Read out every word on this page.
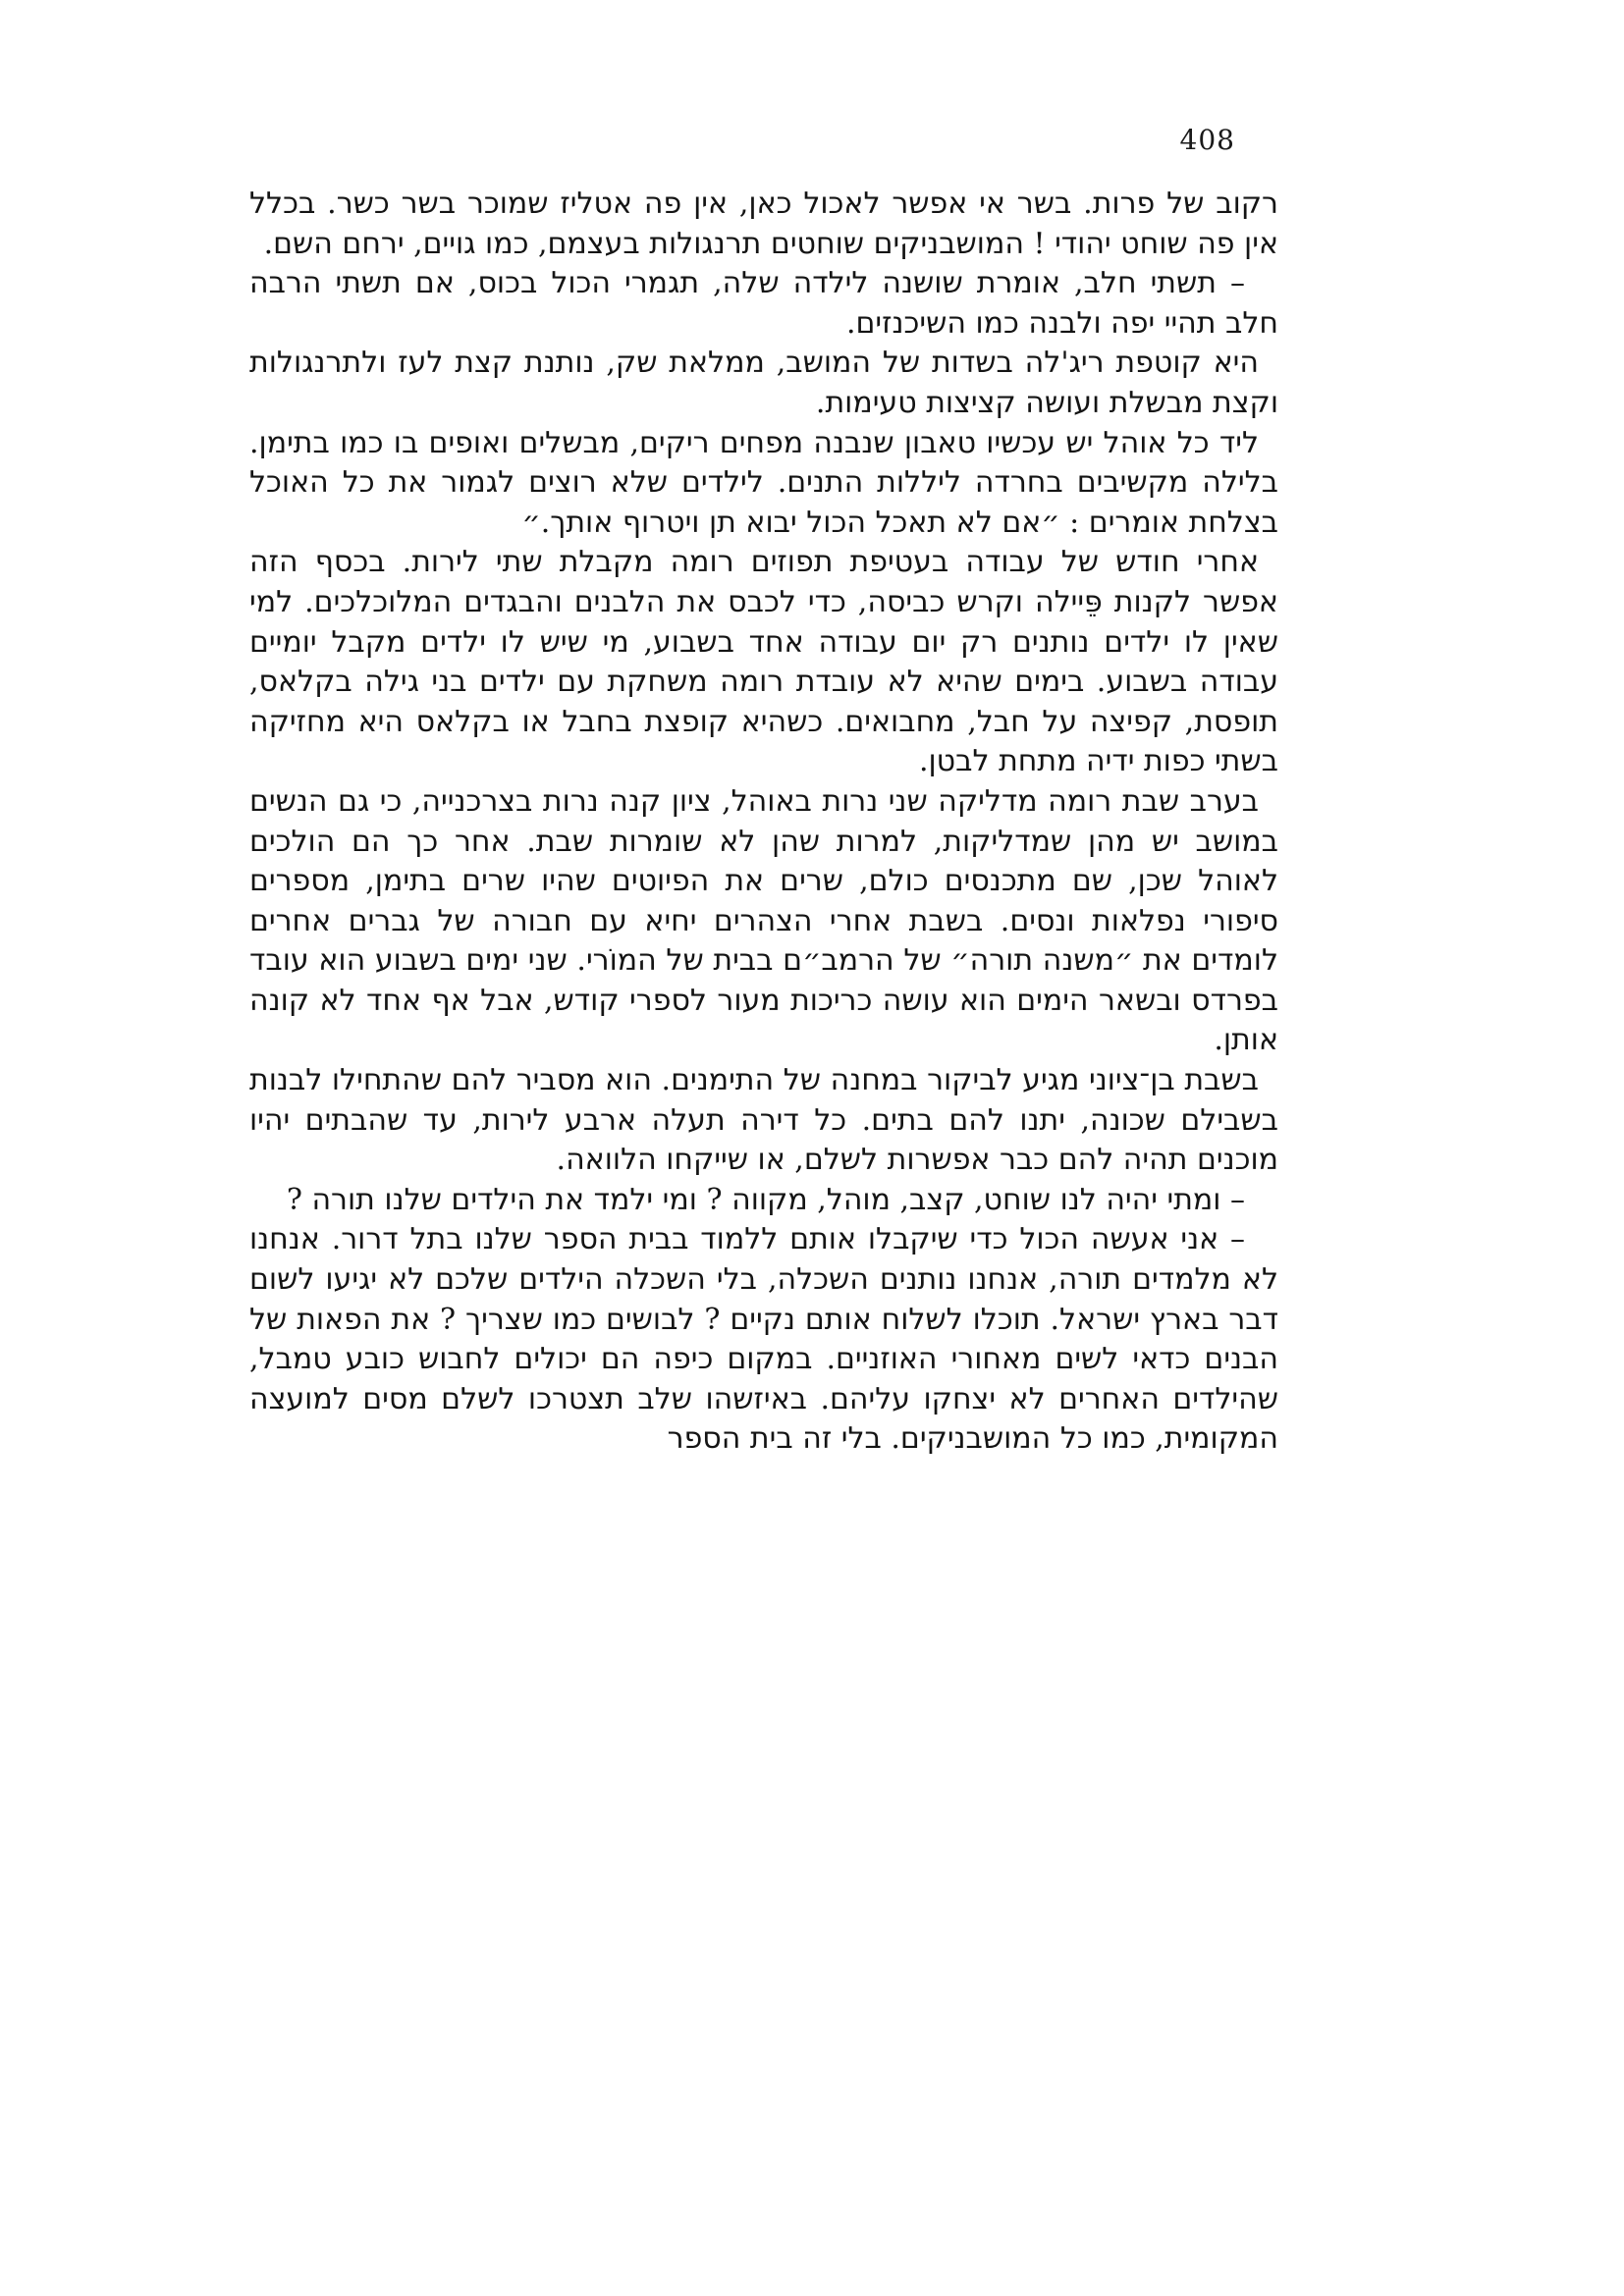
408

רקוב של פרות. בשר אי אפשר לאכול כאן, אין פה אטליז שמוכר בשר כשר. בכלל אין פה שוחט יהודי ! המושבניקים שוחטים תרנגולות בעצמם, כמו גויים, ירחם השם.

– תשתי חלב, אומרת שושנה לילדה שלה, תגמרי הכול בכוס, אם תשתי הרבה חלב תהיי יפה ולבנה כמו השיכנזים.

היא קוטפת ריג'לה בשדות של המושב, ממלאת שק, נותנת קצת לעז ולתרנגולות וקצת מבשלת ועושה קציצות טעימות.

ליד כל אוהל יש עכשיו טאבון שנבנה מפחים ריקים, מבשלים ואופים בו כמו בתימן. בלילה מקשיבים בחרדה ליללות התנים. לילדים שלא רוצים לגמור את כל האוכל בצלחת אומרים : ״אם לא תאכל הכול יבוא תן ויטרוף אותך.״

אחרי חודש של עבודה בעטיפת תפוזים רומה מקבלת שתי לירות. בכסף הזה אפשר לקנות פֵּיילה וקרש כביסה, כדי לכבס את הלבנים והבגדים המלוכלכים. למי שאין לו ילדים נותנים רק יום עבודה אחד בשבוע, מי שיש לו ילדים מקבל יומיים עבודה בשבוע. בימים שהיא לא עובדת רומה משחקת עם ילדים בני גילה בקלאס, תופסת, קפיצה על חבל, מחבואים. כשהיא קופצת בחבל או בקלאס היא מחזיקה בשתי כפות ידיה מתחת לבטן.

בערב שבת רומה מדליקה שני נרות באוהל, ציון קנה נרות בצרכנייה, כי גם הנשים במושב יש מהן שמדליקות, למרות שהן לא שומרות שבת. אחר כך הם הולכים לאוהל שכן, שם מתכנסים כולם, שרים את הפיוטים שהיו שרים בתימן, מספרים סיפורי נפלאות ונסים. בשבת אחרי הצהרים יחיא עם חבורה של גברים אחרים לומדים את ״משנה תורה״ של הרמב״ם בבית של המוֹרי. שני ימים בשבוע הוא עובד בפרדס ובשאר הימים הוא עושה כריכות מעור לספרי קודש, אבל אף אחד לא קונה אותן.

בשבת בן־ציוני מגיע לביקור במחנה של התימנים. הוא מסביר להם שהתחילו לבנות בשבילם שכונה, יתנו להם בתים. כל דירה תעלה ארבע לירות, עד שהבתים יהיו מוכנים תהיה להם כבר אפשרות לשלם, או שייקחו הלוואה.

– ומתי יהיה לנו שוחט, קצב, מוהל, מקווה ? ומי ילמד את הילדים שלנו תורה ?

– אני אעשה הכול כדי שיקבלו אותם ללמוד בבית הספר שלנו בתל דרור. אנחנו לא מלמדים תורה, אנחנו נותנים השכלה, בלי השכלה הילדים שלכם לא יגיעו לשום דבר בארץ ישראל. תוכלו לשלוח אותם נקיים ? לבושים כמו שצריך ? את הפאות של הבנים כדאי לשים מאחורי האוזניים. במקום כיפה הם יכולים לחבוש כובע טמבל, שהילדים האחרים לא יצחקו עליהם. באיזשהו שלב תצטרכו לשלם מסים למועצה המקומית, כמו כל המושבניקים. בלי זה בית הספר
